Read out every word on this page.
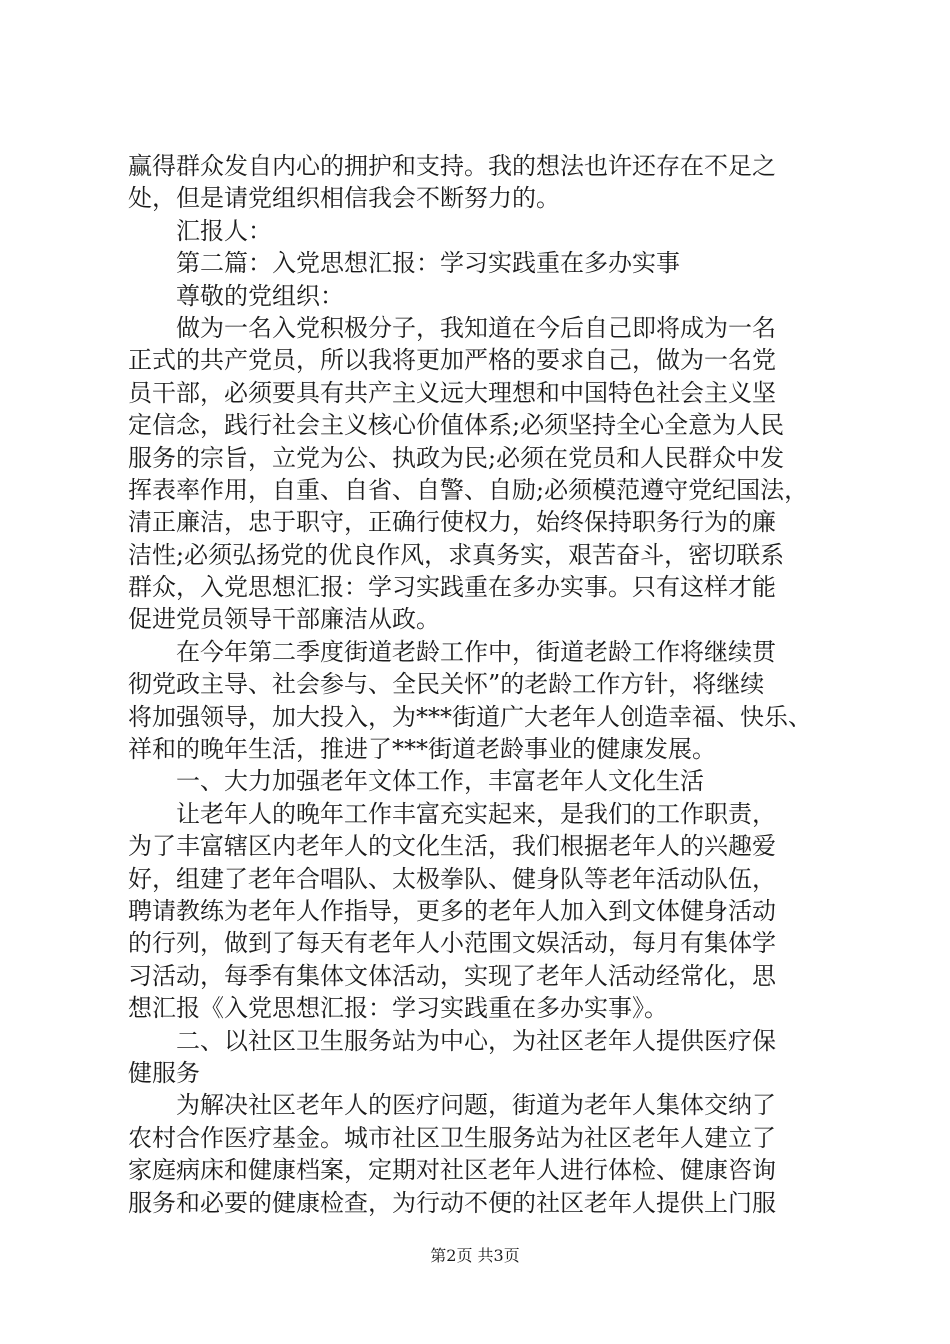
赢得群众发自内心的拥护和支持。我的想法也许还存在不足之
处，但是请党组织相信我会不断努力的。
　　汇报人：
　　第二篇：入党思想汇报：学习实践重在多办实事
　　尊敬的党组织：
　　做为一名入党积极分子，我知道在今后自己即将成为一名
正式的共产党员，所以我将更加严格的要求自己，做为一名党
员干部，必须要具有共产主义远大理想和中国特色社会主义坚
定信念，践行社会主义核心价值体系;必须坚持全心全意为人民
服务的宗旨，立党为公、执政为民;必须在党员和人民群众中发
挥表率作用，自重、自省、自警、自励;必须模范遵守党纪国法，
清正廉洁，忠于职守，正确行使权力，始终保持职务行为的廉
洁性;必须弘扬党的优良作风，求真务实，艰苦奋斗，密切联系
群众，入党思想汇报：学习实践重在多办实事。只有这样才能
促进党员领导干部廉洁从政。
　　在今年第二季度街道老龄工作中，街道老龄工作将继续贯
彻党政主导、社会参与、全民关怀”的老龄工作方针，将继续
将加强领导，加大投入，为***街道广大老年人创造幸福、快乐、
祥和的晚年生活，推进了***街道老龄事业的健康发展。
　　一、大力加强老年文体工作，丰富老年人文化生活
　　让老年人的晚年工作丰富充实起来，是我们的工作职责，
为了丰富辖区内老年人的文化生活，我们根据老年人的兴趣爱
好，组建了老年合唱队、太极拳队、健身队等老年活动队伍，
聘请教练为老年人作指导，更多的老年人加入到文体健身活动
的行列，做到了每天有老年人小范围文娱活动，每月有集体学
习活动，每季有集体文体活动，实现了老年人活动经常化，思
想汇报《入党思想汇报：学习实践重在多办实事》。
　　二、以社区卫生服务站为中心，为社区老年人提供医疗保
健服务
　　为解决社区老年人的医疗问题，街道为老年人集体交纳了
农村合作医疗基金。城市社区卫生服务站为社区老年人建立了
家庭病床和健康档案，定期对社区老年人进行体检、健康咨询
服务和必要的健康检查，为行动不便的社区老年人提供上门服
第2页 共3页
